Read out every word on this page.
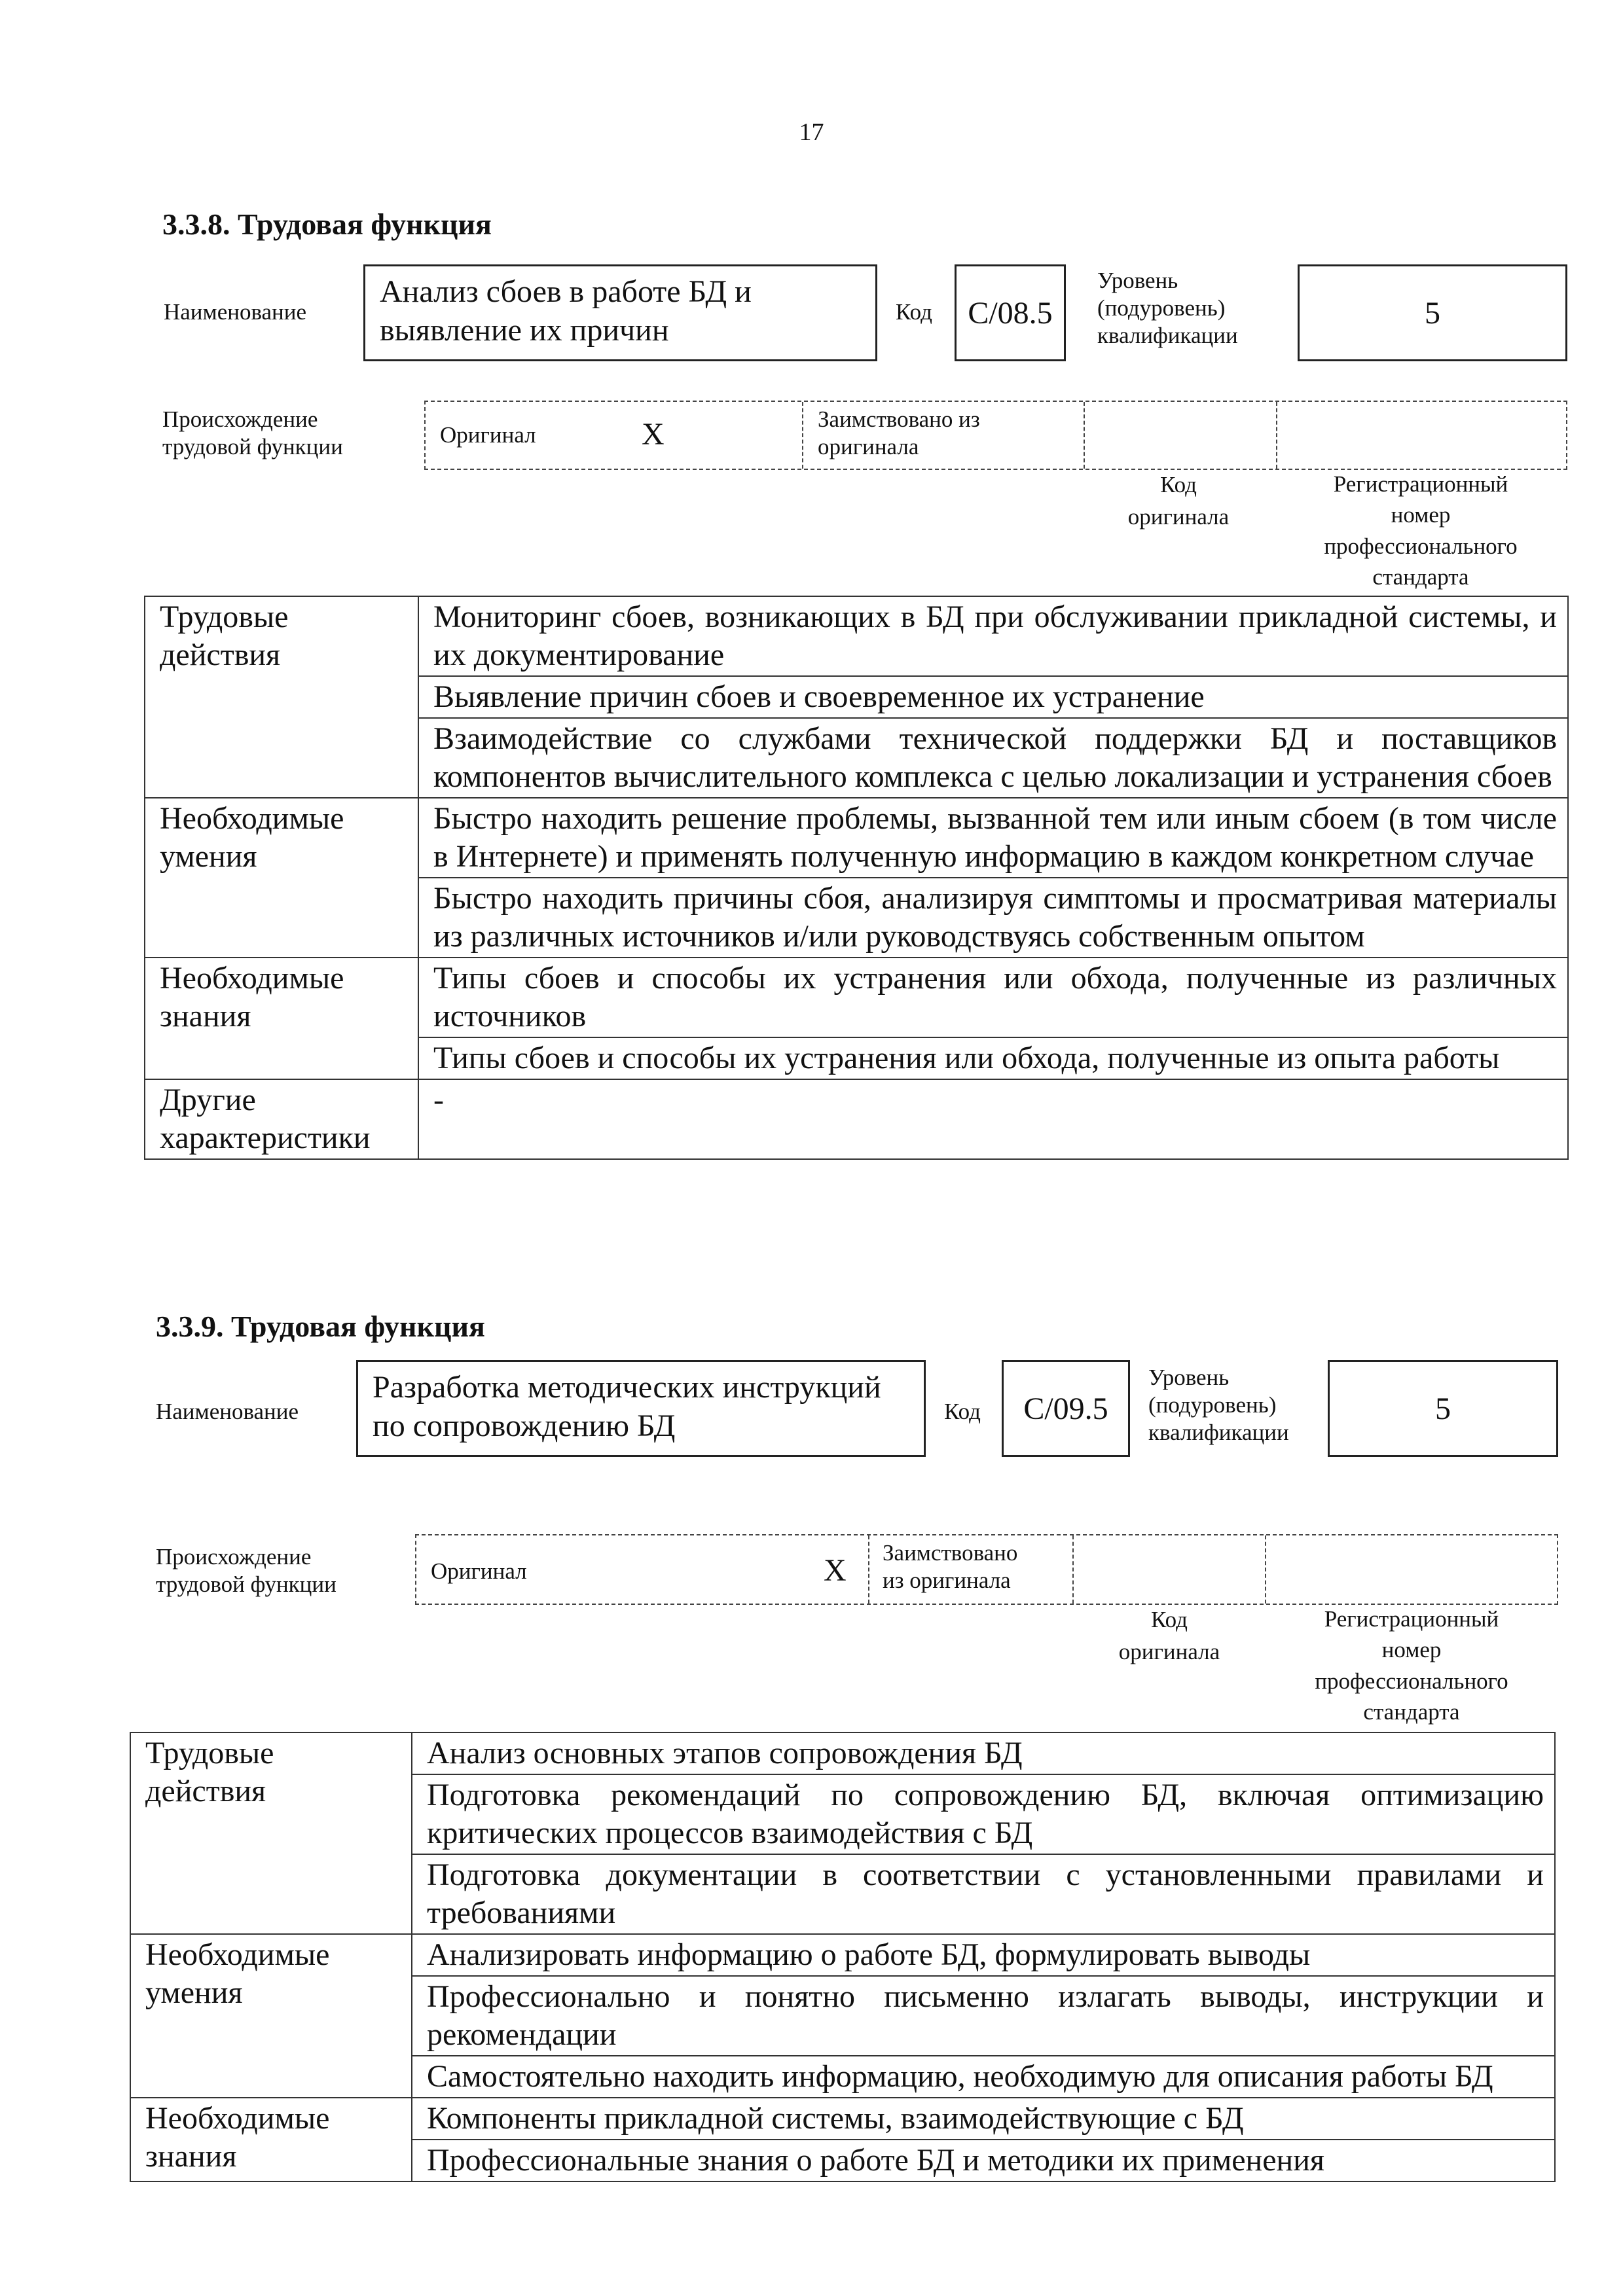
17
3.3.8. Трудовая функция
Наименование
Анализ сбоев в работе БД и
выявление их причин
Код	C/08.5
Уровень
(подуровень)
квалификации
5
Происхождение
трудовой функции	Оригинал	X	Заимствовано из
оригинала
Код
оригинала
Регистрационный
номер
профессионального
стандарта
Трудовые действия	Мониторинг сбоев, возникающих в БД при обслуживании прикладной системы, и их документирование
	Выявление причин сбоев и своевременное их устранение
	Взаимодействие со службами технической поддержки БД и поставщиков компонентов вычислительного комплекса с целью локализации и устранения сбоев
Необходимые умения	Быстро находить решение проблемы, вызванной тем или иным сбоем (в том числе в Интернете) и применять полученную информацию в каждом конкретном случае
	Быстро находить причины сбоя, анализируя симптомы и просматривая материалы из различных источников и/или руководствуясь собственным опытом
Необходимые знания	Типы сбоев и способы их устранения или обхода, полученные из различных источников
	Типы сбоев и способы их устранения или обхода, полученные из опыта работы
Другие характеристики	-
3.3.9. Трудовая функция
Наименование
Разработка методических инструкций
по сопровождению БД	Код	C/09.5
Уровень
(подуровень)
квалификации
5
Происхождение
трудовой функции
Оригинал	X
Заимствовано
из оригинала
Код
оригинала
Регистрационный
номер
профессионального
стандарта
Трудовые действия	Анализ основных этапов сопровождения БД
	Подготовка рекомендаций по сопровождению БД, включая оптимизацию критических процессов взаимодействия с БД
	Подготовка документации в соответствии с установленными правилами и требованиями
Необходимые умения	Анализировать информацию о работе БД, формулировать выводы
	Профессионально и понятно письменно излагать выводы, инструкции и рекомендации
	Самостоятельно находить информацию, необходимую для описания работы БД
Необходимые знания	Компоненты прикладной системы, взаимодействующие с БД
	Профессиональные знания о работе БД и методики их применения
